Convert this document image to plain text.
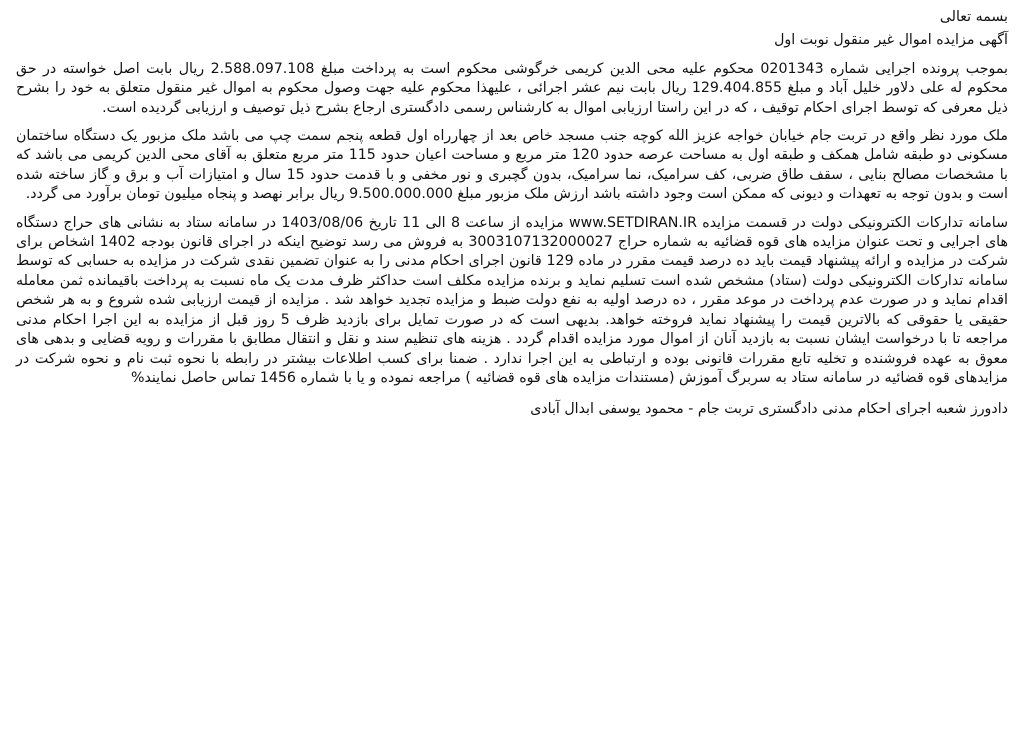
بسمه تعالی

آگهی مزایده اموال غیر منقول نوبت اول

بموجب پرونده اجرایی شماره 0201343 محکوم علیه محی الدین کریمی خرگوشی محکوم است به پرداخت مبلغ 2.588.097.108 ریال بابت اصل خواسته در حق محکوم له علی دلاور خلیل آباد و مبلغ 129.404.855 ریال بابت نیم عشر اجرائی ، علیهذا محکوم علیه جهت وصول محکوم به اموال غیر منقول متعلق به خود را بشرح ذیل معرفی که توسط اجرای احکام توقیف ، که در این راستا ارزیابی اموال به کارشناس رسمی دادگستری ارجاع بشرح ذیل توصیف و ارزیابی گردیده است.

ملک مورد نظر واقع در تربت جام خیابان خواجه عزیز الله کوچه جنب مسجد خاص بعد از چهارراه اول قطعه پنجم سمت چپ می باشد ملک مزبور یک دستگاه ساختمان مسکونی دو طبقه شامل همکف و طبقه اول به مساحت عرصه حدود 120 متر مربع و مساحت اعیان حدود 115 متر مربع متعلق به آقای محی الدین کریمی می باشد که با مشخصات مصالح بنایی ، سقف طاق ضربی، کف سرامیک، نما سرامیک، بدون گچبری و نور مخفی و با قدمت حدود 15 سال و امتیازات آب و برق و گاز ساخته شده است و بدون توجه به تعهدات و دیونی که ممکن است وجود داشته باشد ارزش ملک مزبور مبلغ 9.500.000.000 ریال برابر نهصد و پنجاه میلیون تومان برآورد می گردد.

سامانه تدارکات الکترونیکی دولت در قسمت مزایده www.SETDIRAN.IR مزایده از ساعت 8 الی 11 تاریخ 1403/08/06 در سامانه ستاد به نشانی های حراج دستگاه های اجرایی و تحت عنوان مزایده های قوه قضائیه به شماره حراج 3003107132000027 به فروش می رسد توضیح اینکه در اجرای قانون بودجه 1402 اشخاص برای شرکت در مزایده و ارائه پیشنهاد قیمت باید ده درصد قیمت مقرر در ماده 129 قانون اجرای احکام مدنی را به عنوان تضمین نقدی شرکت در مزایده به حسابی که توسط سامانه تدارکات الکترونیکی دولت (ستاد) مشخص شده است تسلیم نماید و برنده مزایده مکلف است حداکثر ظرف مدت یک ماه نسبت به پرداخت باقیمانده ثمن معامله اقدام نماید و در صورت عدم پرداخت در موعد مقرر ، ده درصد اولیه به نفع دولت ضبط و مزایده تجدید خواهد شد . مزایده از قیمت ارزیابی شده شروع و به هر شخص حقیقی یا حقوقی که بالاترین قیمت را پیشنهاد نماید فروخته خواهد. بدیهی است که در صورت تمایل برای بازدید ظرف 5 روز قبل از مزایده به این اجرا احکام مدنی مراجعه تا با درخواست ایشان نسبت به بازدید آنان از اموال مورد مزایده اقدام گردد . هزینه های تنظیم سند و نقل و انتقال مطابق با مقررات و رویه قضایی و بدهی های معوق به عهده فروشنده و تخلیه تابع مقررات قانونی بوده و ارتباطی به این اجرا ندارد . ضمنا برای کسب اطلاعات بیشتر در رابطه با نحوه ثبت نام و نحوه شرکت در مزایدهای قوه قضائیه در سامانه ستاد به سربرگ آموزش (مستندات مزایده های قوه قضائیه ) مراجعه نموده و یا با شماره 1456 تماس حاصل نمایند%

دادورز شعبه اجرای احکام مدنی دادگستری تربت جام - محمود یوسفی ابدال آبادی
